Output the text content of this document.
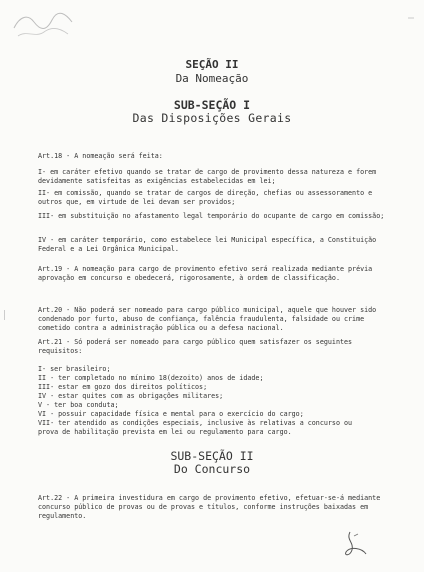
SEÇÃO II
Da Nomeação
SUB-SEÇÃO I
Das Disposições Gerais
Art.18 - A nomeação será feita:
I- em caráter efetivo quando se tratar de cargo de provimento dessa natureza e forem devidamente satisfeitas as exigências estabelecidas em lei;
II- em comissão, quando se tratar de cargos de direção, chefias ou assessoramento e outros que, em virtude de lei devam ser providos;
III- em substituição no afastamento legal temporário do ocupante de cargo em comissão;
IV - em caráter temporário, como estabelece lei Municipal específica, a Constituição Federal e a Lei Orgânica Municipal.
Art.19 - A nomeação para cargo de provimento efetivo será realizada mediante prévia aprovação em concurso e obedecerá, rigorosamente, à ordem de classificação.
Art.20 - Não poderá ser nomeado para cargo público municipal, aquele que houver sido condenado por furto, abuso de confiança, falência fraudulenta, falsidade ou crime cometido contra a administração pública ou a defesa nacional.
Art.21 - Só poderá ser nomeado para cargo público quem satisfazer os seguintes requisitos:
I- ser brasileiro;
II - ter completado no mínimo 18(dezoito) anos de idade;
III- estar em gozo dos direitos políticos;
IV - estar quites com as obrigações militares;
V - ter boa conduta;
VI - possuir capacidade física e mental para o exercício do cargo;
VII- ter atendido as condições especiais, inclusive às relativas a concurso ou
prova de habilitação prevista em lei ou regulamento para cargo.
SUB-SEÇÃO II
Do Concurso
Art.22 - A primeira investidura em cargo de provimento efetivo, efetuar-se-á mediante concurso público de provas ou de provas e títulos, conforme instruções baixadas em regulamento.
